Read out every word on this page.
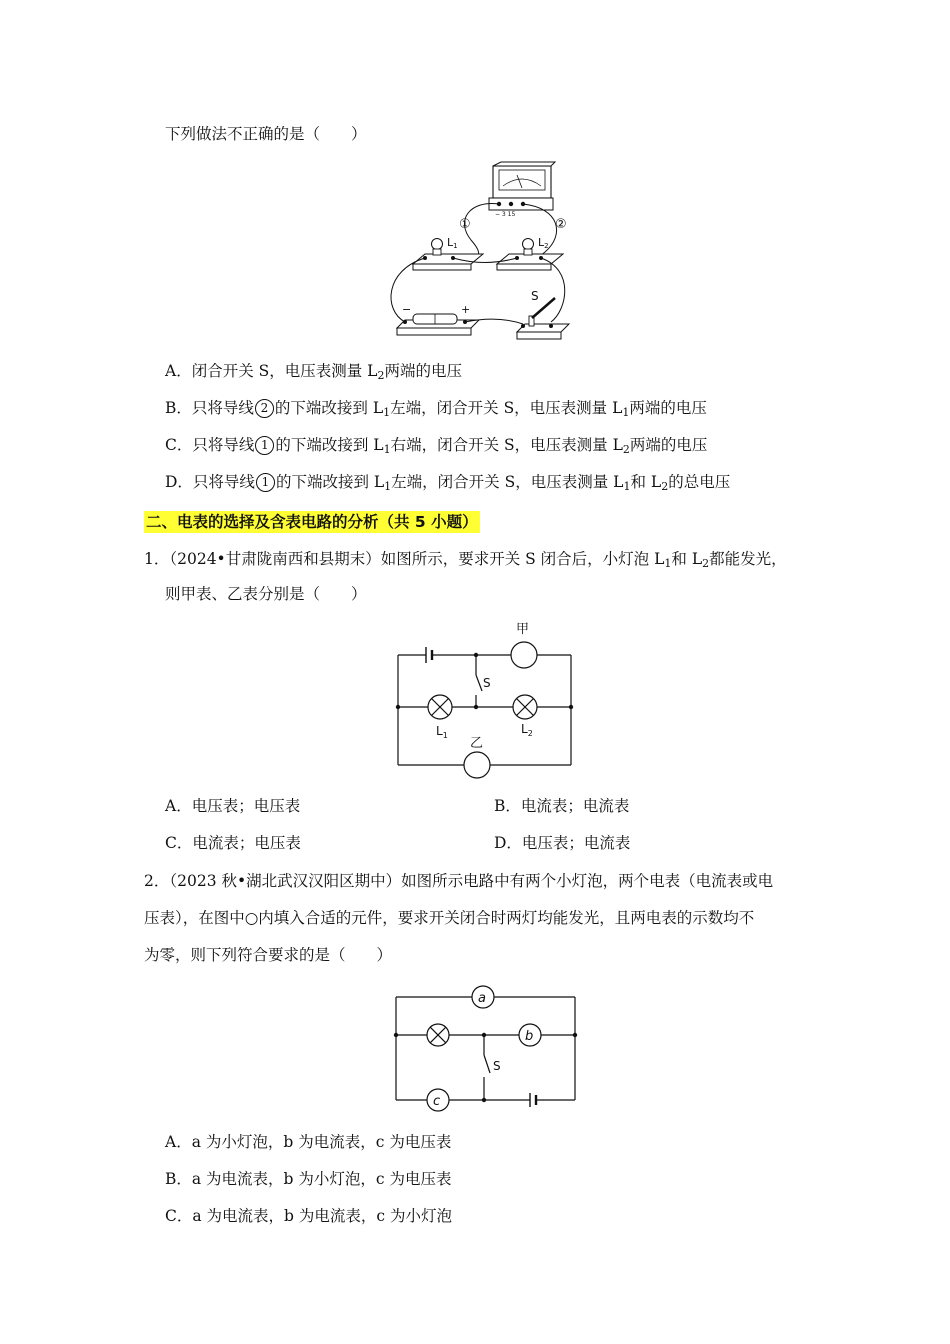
下列做法不正确的是（　　）
− 3 15
①	②
L1	L2
−	+
S
A．闭合开关 S，电压表测量 $L_2$两端的电压
B．只将导线 2 的下端改接到 $L_1$左端，闭合开关 S，电压表测量 $L_1$两端的电压
C．只将导线 1 的下端改接到 $L_1$右端，闭合开关 S，电压表测量 $L_2$两端的电压
D．只将导线 1 的下端改接到 $L_1$左端，闭合开关 S，电压表测量 $L_1$和 $L_2$的总电压
二、电表的选择及含表电路的分析（共 5 小题）
1．（2024•甘肃陇南西和县期末）如图所示，要求开关 S 闭合后，小灯泡 $L_1$和 $L_2$都能发光，
则甲表、乙表分别是（　　）
甲
乙
S
$L_1$	$L_2$
A．电压表；电压表	B．电流表；电流表
C．电流表；电压表	D．电压表；电流表
2．（2023 秋•湖北武汉汉阳区期中）如图所示电路中有两个小灯泡，两个电表（电流表或电
压表），在图中○内填入合适的元件，要求开关闭合时两灯均能发光，且两电表的示数均不
为零，则下列符合要求的是（　　）
a
b
c
S
A．a 为小灯泡，b 为电流表，c 为电压表
B．a 为电流表，b 为小灯泡，c 为电压表
C．a 为电流表，b 为电流表，c 为小灯泡
